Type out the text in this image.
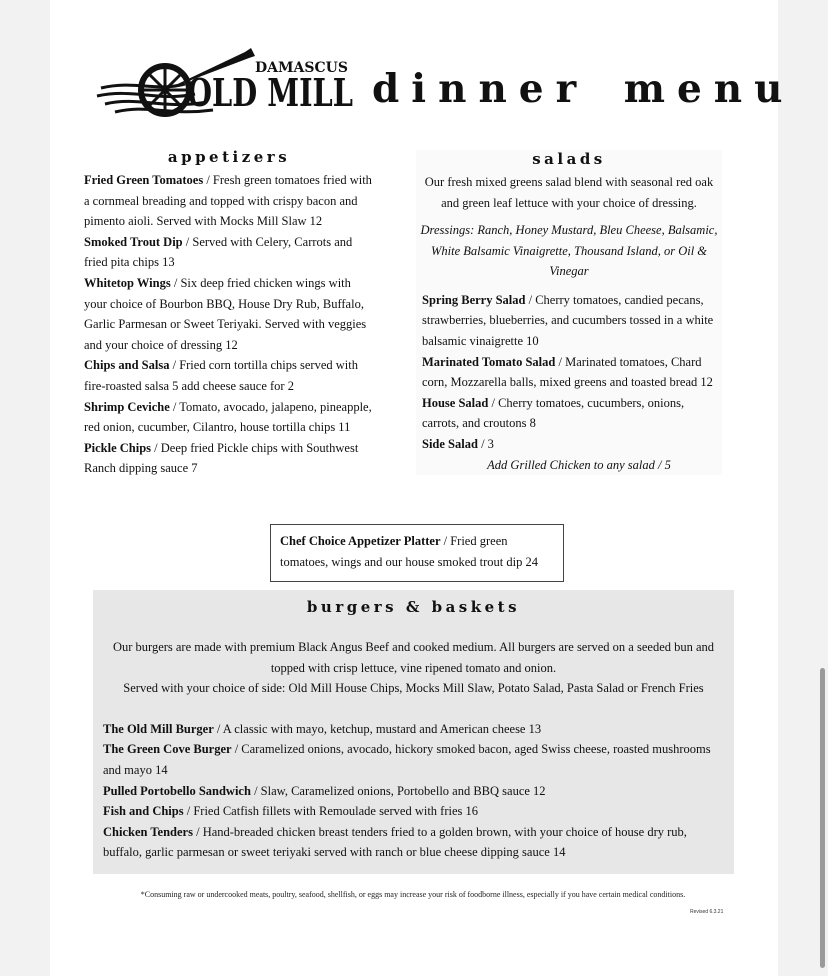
DAMASCUS
OLD MILL dinner menu
appetizers
Fried Green Tomatoes / Fresh green tomatoes fried with a cornmeal breading and topped with crispy bacon and pimento aioli. Served with Mocks Mill Slaw 12
Smoked Trout Dip / Served with Celery, Carrots and fried pita chips 13
Whitetop Wings / Six deep fried chicken wings with your choice of Bourbon BBQ, House Dry Rub, Buffalo, Garlic Parmesan or Sweet Teriyaki. Served with veggies and your choice of dressing 12
Chips and Salsa / Fried corn tortilla chips served with fire-roasted salsa 5 add cheese sauce for 2
Shrimp Ceviche / Tomato, avocado, jalapeno, pineapple, red onion, cucumber, Cilantro, house tortilla chips 11
Pickle Chips / Deep fried Pickle chips with Southwest Ranch dipping sauce 7
salads
Our fresh mixed greens salad blend with seasonal red oak and green leaf lettuce with your choice of dressing.
Dressings: Ranch, Honey Mustard, Bleu Cheese, Balsamic, White Balsamic Vinaigrette, Thousand Island, or Oil & Vinegar
Spring Berry Salad / Cherry tomatoes, candied pecans, strawberries, blueberries, and cucumbers tossed in a white balsamic vinaigrette 10
Marinated Tomato Salad / Marinated tomatoes, Chard corn, Mozzarella balls, mixed greens and toasted bread 12
House Salad / Cherry tomatoes, cucumbers, onions, carrots, and croutons 8
Side Salad / 3
Add Grilled Chicken to any salad / 5
Chef Choice Appetizer Platter / Fried green tomatoes, wings and our house smoked trout dip 24
burgers & baskets
Our burgers are made with premium Black Angus Beef and cooked medium. All burgers are served on a seeded bun and topped with crisp lettuce, vine ripened tomato and onion.
Served with your choice of side: Old Mill House Chips, Mocks Mill Slaw, Potato Salad, Pasta Salad or French Fries
The Old Mill Burger / A classic with mayo, ketchup, mustard and American cheese 13
The Green Cove Burger / Caramelized onions, avocado, hickory smoked bacon, aged Swiss cheese, roasted mushrooms and mayo 14
Pulled Portobello Sandwich / Slaw, Caramelized onions, Portobello and BBQ sauce 12
Fish and Chips / Fried Catfish fillets with Remoulade served with fries 16
Chicken Tenders / Hand-breaded chicken breast tenders fried to a golden brown, with your choice of house dry rub, buffalo, garlic parmesan or sweet teriyaki served with ranch or blue cheese dipping sauce 14
*Consuming raw or undercooked meats, poultry, seafood, shellfish, or eggs may increase your risk of foodborne illness, especially if you have certain medical conditions.
Revised 6.3.21
